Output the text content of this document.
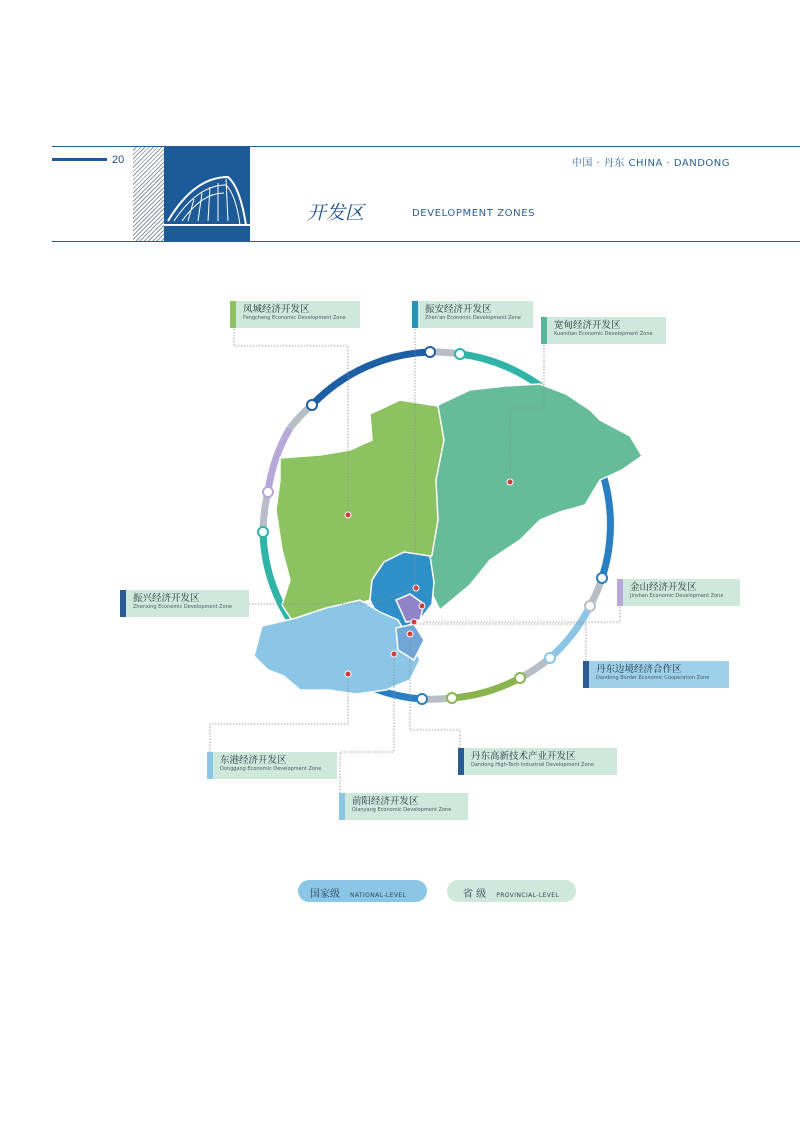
20	中国 · 丹东 CHINA · DANDONG
开发区	DEVELOPMENT ZONES
凤城经济开发区
Fengcheng Economic Development Zone
振安经济开发区
Zhen'an Economic Development Zone
宽甸经济开发区
Kuandian Economic Development Zone
金山经济开发区
Jinshan Economic Development Zone
振兴经济开发区
Zhenxing Economic Development Zone
丹东边境经济合作区
Dandong Border Economic Cooperation Zone
东港经济开发区
Donggang Economic Development Zone
丹东高新技术产业开发区
Dandong High-Tech Industrial Development Zone
前阳经济开发区
Qianyang Economic Development Zone
国家级 NATIONAL-LEVEL	省 级 PROVINCIAL-LEVEL
